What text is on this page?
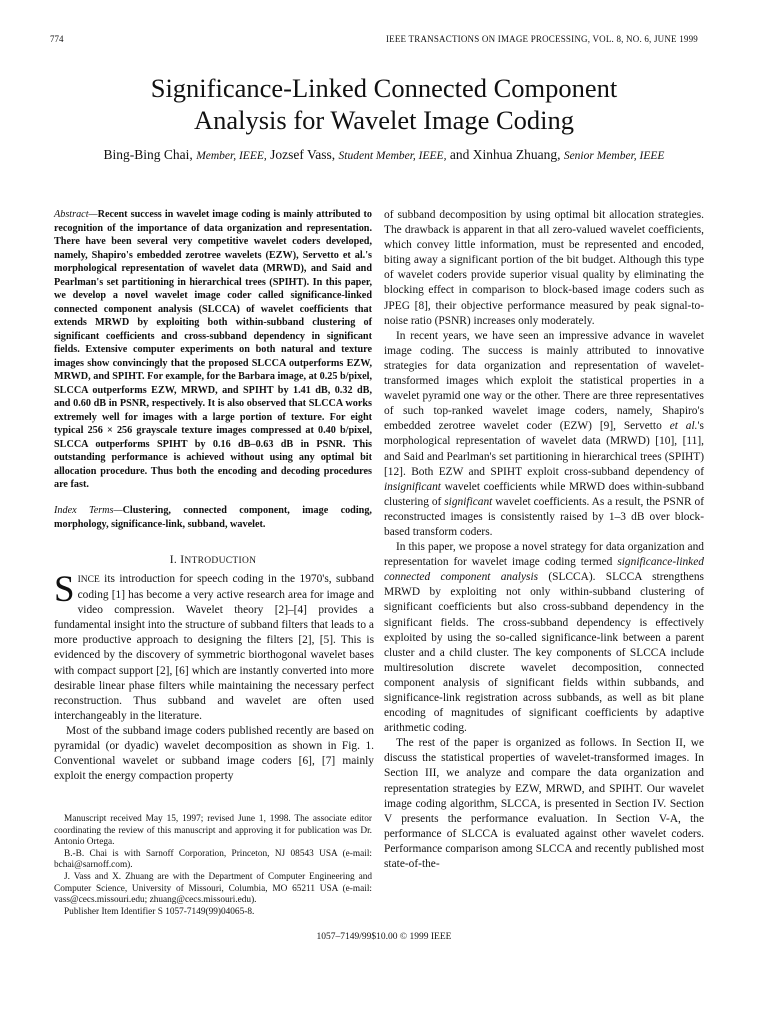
774	IEEE TRANSACTIONS ON IMAGE PROCESSING, VOL. 8, NO. 6, JUNE 1999
Significance-Linked Connected Component
Analysis for Wavelet Image Coding
Bing-Bing Chai, Member, IEEE, Jozsef Vass, Student Member, IEEE, and Xinhua Zhuang, Senior Member, IEEE
Abstract—Recent success in wavelet image coding is mainly attributed to recognition of the importance of data organization and representation. There have been several very competitive wavelet coders developed, namely, Shapiro's embedded zerotree wavelets (EZW), Servetto et al.'s morphological representation of wavelet data (MRWD), and Said and Pearlman's set partitioning in hierarchical trees (SPIHT). In this paper, we develop a novel wavelet image coder called significance-linked connected component analysis (SLCCA) of wavelet coefficients that extends MRWD by exploiting both within-subband clustering of significant coefficients and cross-subband dependency in significant fields. Extensive computer experiments on both natural and texture images show convincingly that the proposed SLCCA outperforms EZW, MRWD, and SPIHT. For example, for the Barbara image, at 0.25 b/pixel, SLCCA outperforms EZW, MRWD, and SPIHT by 1.41 dB, 0.32 dB, and 0.60 dB in PSNR, respectively. It is also observed that SLCCA works extremely well for images with a large portion of texture. For eight typical 256 × 256 grayscale texture images compressed at 0.40 b/pixel, SLCCA outperforms SPIHT by 0.16 dB–0.63 dB in PSNR. This outstanding performance is achieved without using any optimal bit allocation procedure. Thus both the encoding and decoding procedures are fast.
Index Terms—Clustering, connected component, image coding, morphology, significance-link, subband, wavelet.
I. INTRODUCTION

SINCE its introduction for speech coding in the 1970's, subband coding [1] has become a very active research area for image and video compression. Wavelet theory [2]–[4] provides a fundamental insight into the structure of subband filters that leads to a more productive approach to designing the filters [2], [5]. This is evidenced by the discovery of symmetric biorthogonal wavelet bases with compact support [2], [6] which are instantly converted into more desirable linear phase filters while maintaining the necessary perfect reconstruction. Thus subband and wavelet are often used interchangeably in the literature.

Most of the subband image coders published recently are based on pyramidal (or dyadic) wavelet decomposition as shown in Fig. 1. Conventional wavelet or subband image coders [6], [7] mainly exploit the energy compaction property

Manuscript received May 15, 1997; revised June 1, 1998. The associate editor coordinating the review of this manuscript and approving it for publication was Dr. Antonio Ortega.

B.-B. Chai is with Sarnoff Corporation, Princeton, NJ 08543 USA (e-mail: bchai@sarnoff.com).

J. Vass and X. Zhuang are with the Department of Computer Engineering and Computer Science, University of Missouri, Columbia, MO 65211 USA (e-mail: vass@cecs.missouri.edu; zhuang@cecs.missouri.edu).

Publisher Item Identifier S 1057-7149(99)04065-8.

of subband decomposition by using optimal bit allocation strategies. The drawback is apparent in that all zero-valued wavelet coefficients, which convey little information, must be represented and encoded, biting away a significant portion of the bit budget. Although this type of wavelet coders provide superior visual quality by eliminating the blocking effect in comparison to block-based image coders such as JPEG [8], their objective performance measured by peak signal-to-noise ratio (PSNR) increases only moderately.

In recent years, we have seen an impressive advance in wavelet image coding. The success is mainly attributed to innovative strategies for data organization and representation of wavelet-transformed images which exploit the statistical properties in a wavelet pyramid one way or the other. There are three representatives of such top-ranked wavelet image coders, namely, Shapiro's embedded zerotree wavelet coder (EZW) [9], Servetto et al.'s morphological representation of wavelet data (MRWD) [10], [11], and Said and Pearlman's set partitioning in hierarchical trees (SPIHT) [12]. Both EZW and SPIHT exploit cross-subband dependency of insignificant wavelet coefficients while MRWD does within-subband clustering of significant wavelet coefficients. As a result, the PSNR of reconstructed images is consistently raised by 1–3 dB over block-based transform coders.

In this paper, we propose a novel strategy for data organization and representation for wavelet image coding termed significance-linked connected component analysis (SLCCA). SLCCA strengthens MRWD by exploiting not only within-subband clustering of significant coefficients but also cross-subband dependency in the significant fields. The cross-subband dependency is effectively exploited by using the so-called significance-link between a parent cluster and a child cluster. The key components of SLCCA include multiresolution discrete wavelet decomposition, connected component analysis of significant fields within subbands, and significance-link registration across subbands, as well as bit plane encoding of magnitudes of significant coefficients by adaptive arithmetic coding.

The rest of the paper is organized as follows. In Section II, we discuss the statistical properties of wavelet-transformed images. In Section III, we analyze and compare the data organization and representation strategies by EZW, MRWD, and SPIHT. Our wavelet image coding algorithm, SLCCA, is presented in Section IV. Section V presents the performance evaluation. In Section V-A, the performance of SLCCA is evaluated against other wavelet coders. Performance comparison among SLCCA and recently published most state-of-the-

1057–7149/99$10.00 © 1999 IEEE
